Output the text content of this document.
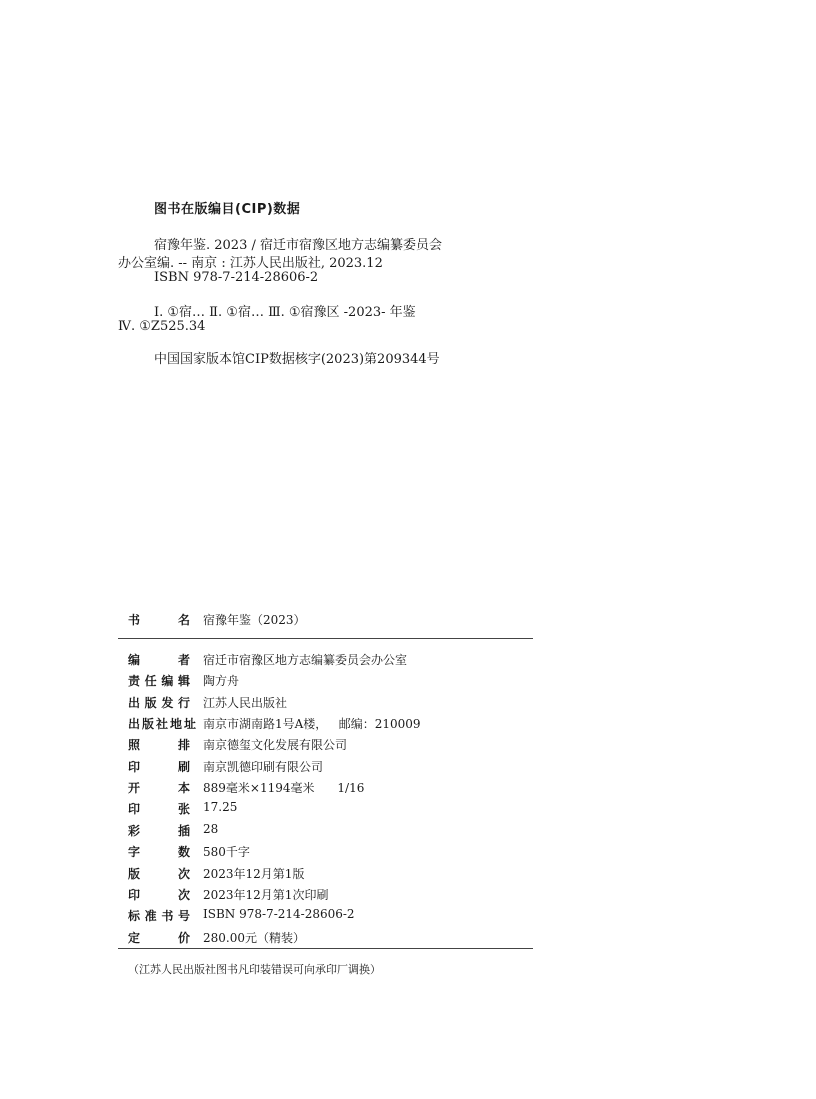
图书在版编目(CIP)数据
宿豫年鉴. 2023 / 宿迁市宿豫区地方志编纂委员会
办公室编. -- 南京 : 江苏人民出版社, 2023.12
ISBN 978-7-214-28606-2
Ⅰ. ①宿… Ⅱ. ①宿… Ⅲ. ①宿豫区 -2023- 年鉴
Ⅳ. ①Z525.34
中国国家版本馆CIP数据核字(2023)第209344号
书	名 宿豫年鉴（2023）
编	者 宿迁市宿豫区地方志编纂委员会办公室
责 任 编 辑 陶方舟
出 版 发 行 江苏人民出版社
出 版 社 地 址 南京市湖南路1号A楼，   邮编：210009
照	排 南京德玺文化发展有限公司
印	刷 南京凯德印刷有限公司
开	本 889毫米×1194毫米      1/16
印	张 17.25
彩	插 28
字	数 580千字
版	次 2023年12月第1版
印	次 2023年12月第1次印刷
标 准 书 号 ISBN 978-7-214-28606-2
定	价 280.00元（精装）
（江苏人民出版社图书凡印装错误可向承印厂调换）
